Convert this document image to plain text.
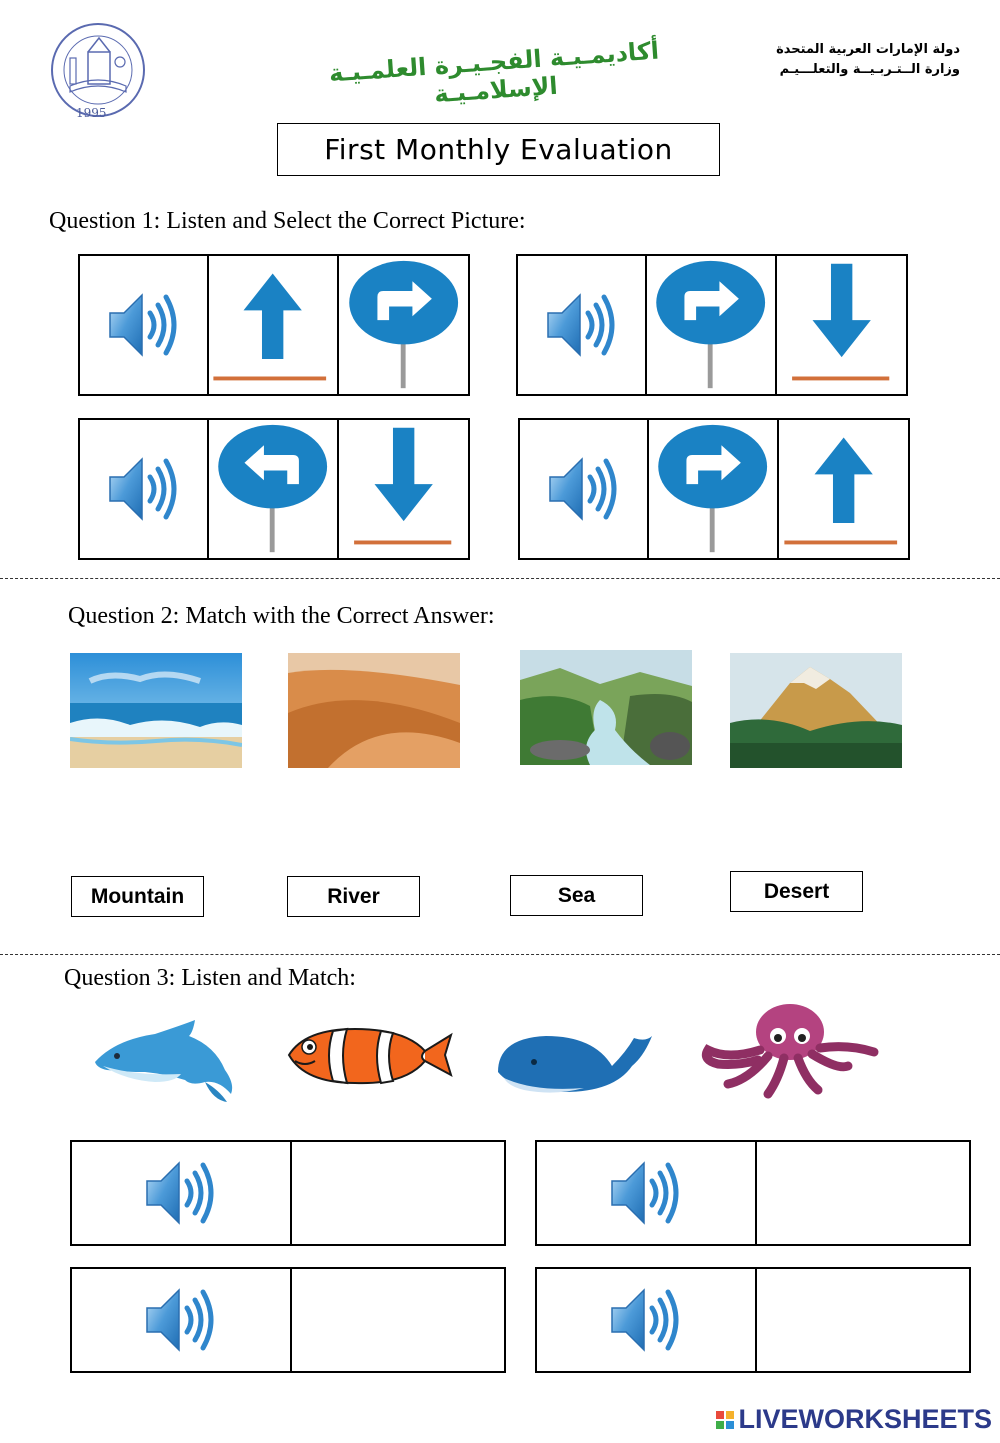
1995
أكاديمـيـة الفجـيـرة العلمـيـة الإسلامـيـة
دولة الإمارات العربية المتحدة
وزارة الــتـربـيــة والتعلـــيـم
First Monthly Evaluation
Question 1: Listen and Select the Correct Picture:
Question 2: Match with the Correct Answer:
Mountain	River	Sea	Desert
Question 3: Listen and Match:
LIVEWORKSHEETS
